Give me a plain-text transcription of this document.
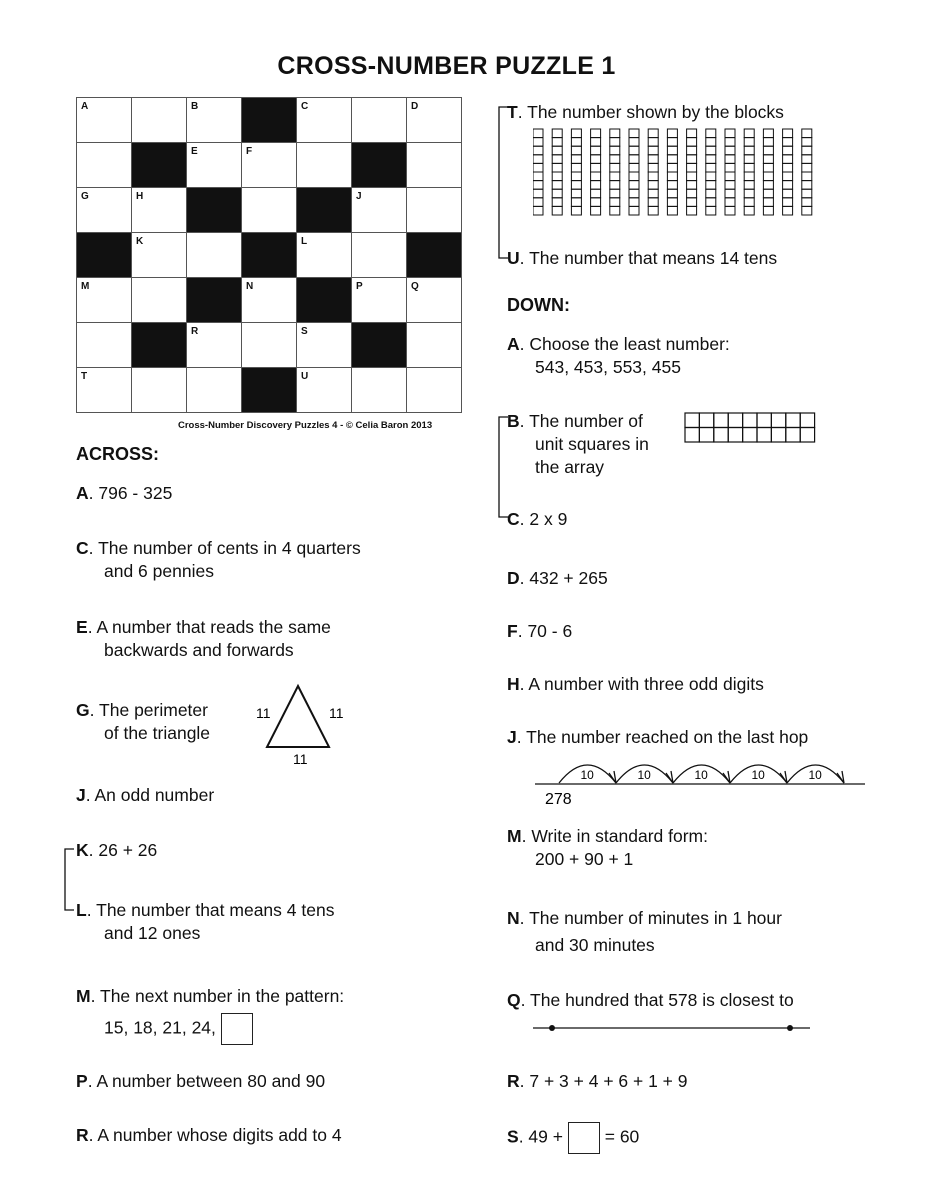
CROSS-NUMBER PUZZLE 1
A		B		C		D

		E	F			

G	H				J	

	K			L		

M			N		P	Q

		R		S		

T				U		

Cross-Number Discovery Puzzles 4 - © Celia Baron 2013
ACROSS:
A. 796 - 325
C. The number of cents in 4 quarters
and 6 pennies
E. A number that reads the same
backwards and forwards
G. The perimeter
of the triangle
11	11
11
J. An odd number
K. 26 + 26
L. The number that means 4 tens
and 12 ones
M. The next number in the pattern:
15, 18, 21, 24,
P. A number between 80 and 90
R. A number whose digits add to 4
T. The number shown by the blocks
U. The number that means 14 tens
DOWN:
A. Choose the least number:
543, 453, 553, 455
B. The number of
unit squares in
the array
C. 2 x 9
D. 432 + 265
F. 70 - 6
H. A number with three odd digits
J. The number reached on the last hop
278
10	10	10	10	10
M. Write in standard form:
200 + 90 + 1
N. The number of minutes in 1 hour
and 30 minutes
Q. The hundred that 578 is closest to
R. 7 + 3 + 4 + 6 + 1 + 9
S. 49 + = 60
